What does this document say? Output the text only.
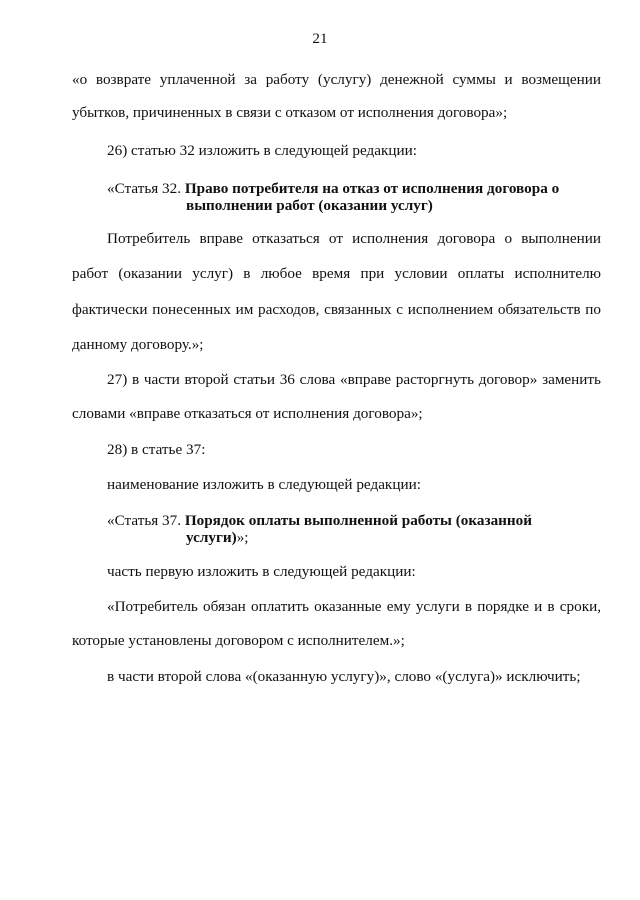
21
«о возврате уплаченной за работу (услугу) денежной суммы и возмещении
убытков, причиненных в связи с отказом от исполнения договора»;
26) статью 32 изложить в следующей редакции:
«Статья 32. Право потребителя на отказ от исполнения договора о
выполнении работ (оказании услуг)
Потребитель вправе отказаться от исполнения договора о выполнении
работ (оказании услуг) в любое время при условии оплаты исполнителю
фактически понесенных им расходов, связанных с исполнением обязательств по
данному договору.»;
27) в части второй статьи 36 слова «вправе расторгнуть договор» заменить
словами «вправе отказаться от исполнения договора»;
28) в статье 37:
наименование изложить в следующей редакции:
«Статья 37. Порядок оплаты выполненной работы (оказанной
услуги)»;
часть первую изложить в следующей редакции:
«Потребитель обязан оплатить оказанные ему услуги в порядке и в сроки,
которые установлены договором с исполнителем.»;
в части второй слова «(оказанную услугу)», слово «(услуга)» исключить;
